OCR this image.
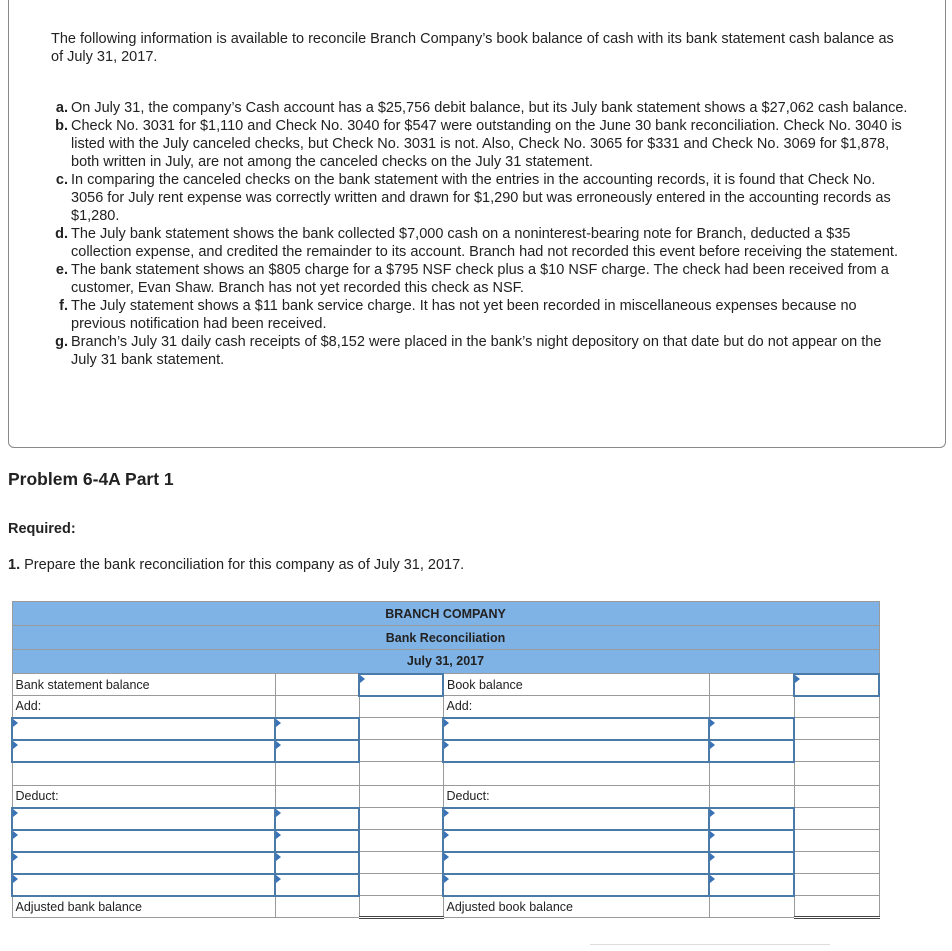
The following information is available to reconcile Branch Company’s book balance of cash with its bank statement cash balance as of July 31, 2017.

a. On July 31, the company’s Cash account has a $25,756 debit balance, but its July bank statement shows a $27,062 cash balance.
b. Check No. 3031 for $1,110 and Check No. 3040 for $547 were outstanding on the June 30 bank reconciliation. Check No. 3040 is listed with the July canceled checks, but Check No. 3031 is not. Also, Check No. 3065 for $331 and Check No. 3069 for $1,878, both written in July, are not among the canceled checks on the July 31 statement.
c. In comparing the canceled checks on the bank statement with the entries in the accounting records, it is found that Check No. 3056 for July rent expense was correctly written and drawn for $1,290 but was erroneously entered in the accounting records as $1,280.
d. The July bank statement shows the bank collected $7,000 cash on a noninterest-bearing note for Branch, deducted a $35 collection expense, and credited the remainder to its account. Branch had not recorded this event before receiving the statement.
e. The bank statement shows an $805 charge for a $795 NSF check plus a $10 NSF charge. The check had been received from a customer, Evan Shaw. Branch has not yet recorded this check as NSF.
f. The July statement shows a $11 bank service charge. It has not yet been recorded in miscellaneous expenses because no previous notification had been received.
g. Branch’s July 31 daily cash receipts of $8,152 were placed in the bank’s night depository on that date but do not appear on the July 31 bank statement.
Problem 6-4A Part 1

Required:

1. Prepare the bank reconciliation for this company as of July 31, 2017.

BRANCH COMPANY					
Bank Reconciliation					
July 31, 2017					
Bank statement balance			Book balance		
Add:			Add:		

Deduct:			Deduct:		

Adjusted bank balance			Adjusted book balance		
